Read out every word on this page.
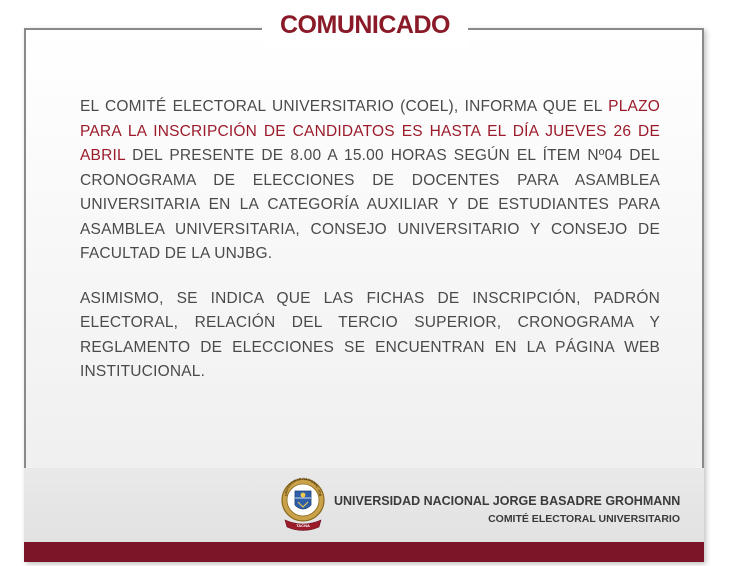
COMUNICADO

EL COMITÉ ELECTORAL UNIVERSITARIO (COEL), INFORMA QUE EL PLAZO PARA LA INSCRIPCIÓN DE CANDIDATOS ES HASTA EL DÍA JUEVES 26 DE ABRIL DEL PRESENTE DE 8.00 A 15.00 HORAS SEGÚN EL ÍTEM Nº04 DEL CRONOGRAMA DE ELECCIONES DE DOCENTES PARA ASAMBLEA UNIVERSITARIA EN LA CATEGORÍA AUXILIAR Y DE ESTUDIANTES PARA ASAMBLEA UNIVERSITARIA, CONSEJO UNIVERSITARIO Y CONSEJO DE FACULTAD DE LA UNJBG.

ASIMISMO, SE INDICA QUE LAS FICHAS DE INSCRIPCIÓN, PADRÓN ELECTORAL, RELACIÓN DEL TERCIO SUPERIOR, CRONOGRAMA Y REGLAMENTO DE ELECCIONES SE ENCUENTRAN EN LA PÁGINA WEB INSTITUCIONAL.

UNIVERSIDAD NACIONAL JOR
TACNA
UNIVERSIDAD NACIONAL JORGE BASADRE GROHMANN
COMITÉ ELECTORAL UNIVERSITARIO
